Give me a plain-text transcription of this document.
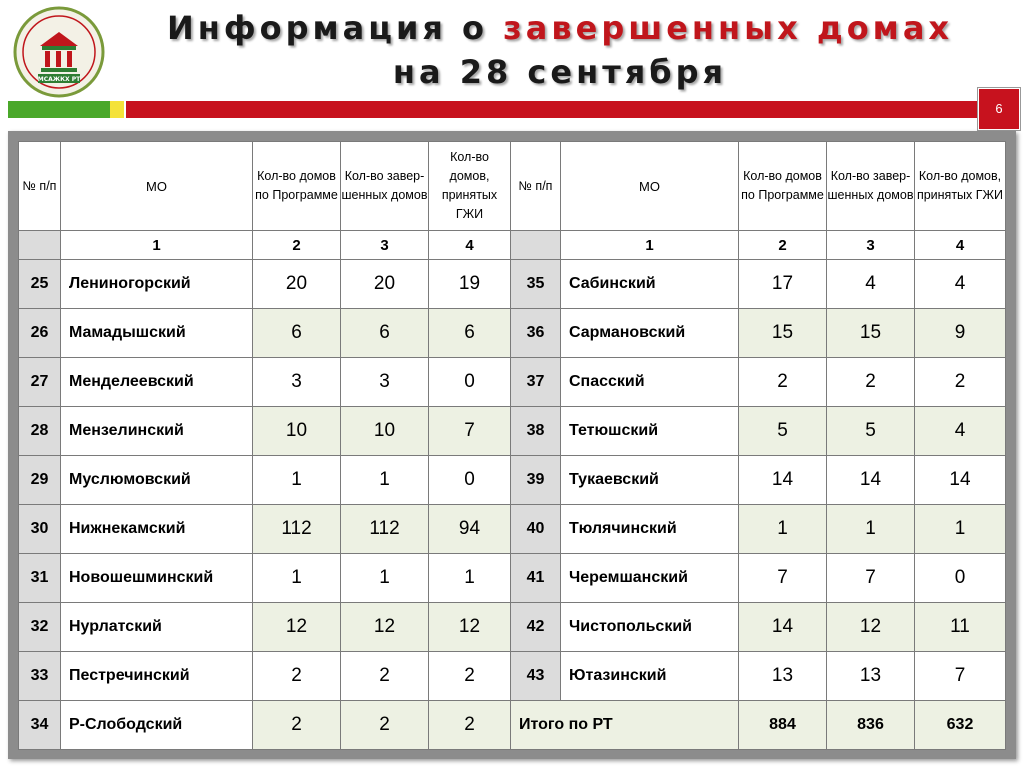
МСАЖКХ РТ
Информация о завершенных домах
на 28 сентября
6
№ п/п	МО	Кол-во домов по Программе	Кол-во завер-шенных домов	Кол-во домов, принятых ГЖИ	№ п/п	МО	Кол-во домов по Программе	Кол-во завер-шенных домов	Кол-во домов, принятых ГЖИ
	1	2	3	4		1	2	3	4
25	Лениногорский	20	20	19	35	Сабинский	17	4	4
26	Мамадышский	6	6	6	36	Сармановский	15	15	9
27	Менделеевский	3	3	0	37	Спасский	2	2	2
28	Мензелинский	10	10	7	38	Тетюшский	5	5	4
29	Муслюмовский	1	1	0	39	Тукаевский	14	14	14
30	Нижнекамский	112	112	94	40	Тюлячинский	1	1	1
31	Новошешминский	1	1	1	41	Черемшанский	7	7	0
32	Нурлатский	12	12	12	42	Чистопольский	14	12	11
33	Пестречинский	2	2	2	43	Ютазинский	13	13	7
34	Р-Слободский	2	2	2	Итого по РТ		884	836	632
